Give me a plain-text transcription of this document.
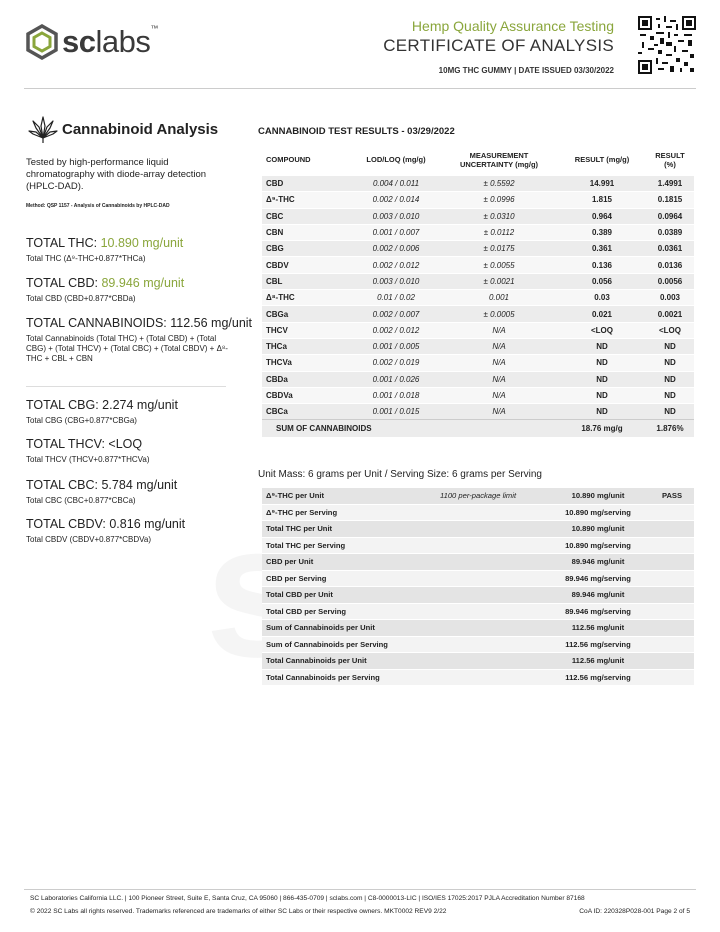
sclabs™	Hemp Quality Assurance Testing
CERTIFICATE OF ANALYSIS
10MG THC GUMMY | DATE ISSUED 03/30/2022
Cannabinoid Analysis
Tested by high-performance liquid chromatography with diode-array detection (HPLC-DAD).
Method: QSP 1157 - Analysis of Cannabinoids by HPLC-DAD
TOTAL THC: 10.890 mg/unit
Total THC (Δ⁹-THC+0.877*THCa)
TOTAL CBD: 89.946 mg/unit
Total CBD (CBD+0.877*CBDa)
TOTAL CANNABINOIDS: 112.56 mg/unit
Total Cannabinoids (Total THC) + (Total CBD) + (Total CBG) + (Total THCV) + (Total CBC) + (Total CBDV) + Δ⁸-THC + CBL + CBN
TOTAL CBG: 2.274 mg/unit
Total CBG (CBG+0.877*CBGa)
TOTAL THCV: <LOQ
Total THCV (THCV+0.877*THCVa)
TOTAL CBC: 5.784 mg/unit
Total CBC (CBC+0.877*CBCa)
TOTAL CBDV: 0.816 mg/unit
Total CBDV (CBDV+0.877*CBDVa)
CANNABINOID TEST RESULTS - 03/29/2022
COMPOUND	LOD/LOQ (mg/g)	MEASUREMENT UNCERTAINTY (mg/g)	RESULT (mg/g)	RESULT (%)
CBD	0.004 / 0.011	± 0.5592	14.991	1.4991
Δ⁹-THC	0.002 / 0.014	± 0.0996	1.815	0.1815
CBC	0.003 / 0.010	± 0.0310	0.964	0.0964
CBN	0.001 / 0.007	± 0.0112	0.389	0.0389
CBG	0.002 / 0.006	± 0.0175	0.361	0.0361
CBDV	0.002 / 0.012	± 0.0055	0.136	0.0136
CBL	0.003 / 0.010	± 0.0021	0.056	0.0056
Δ⁸-THC	0.01 / 0.02	0.001	0.03	0.003
CBGa	0.002 / 0.007	± 0.0005	0.021	0.0021
THCV	0.002 / 0.012	N/A	<LOQ	<LOQ
THCa	0.001 / 0.005	N/A	ND	ND
THCVa	0.002 / 0.019	N/A	ND	ND
CBDa	0.001 / 0.026	N/A	ND	ND
CBDVa	0.001 / 0.018	N/A	ND	ND
CBCa	0.001 / 0.015	N/A	ND	ND
SUM OF CANNABINOIDS			18.76 mg/g	1.876%
Unit Mass: 6 grams per Unit / Serving Size: 6 grams per Serving
Δ⁹-THC per Unit	1100 per-package limit	10.890 mg/unit	PASS
Δ⁹-THC per Serving		10.890 mg/serving	
Total THC per Unit		10.890 mg/unit	
Total THC per Serving		10.890 mg/serving	
CBD per Unit		89.946 mg/unit	
CBD per Serving		89.946 mg/serving	
Total CBD per Unit		89.946 mg/unit	
Total CBD per Serving		89.946 mg/serving	
Sum of Cannabinoids per Unit		112.56 mg/unit	
Sum of Cannabinoids per Serving		112.56 mg/serving	
Total Cannabinoids per Unit		112.56 mg/unit	
Total Cannabinoids per Serving		112.56 mg/serving	
SC Laboratories California LLC. | 100 Pioneer Street, Suite E, Santa Cruz, CA 95060 | 866-435-0709 | sclabs.com | C8-0000013-LIC | ISO/IES 17025:2017 PJLA Accreditation Number 87168
© 2022 SC Labs all rights reserved. Trademarks referenced are trademarks of either SC Labs or their respective owners. MKT0002 REV9 2/22	CoA ID: 220328P028-001 Page 2 of 5
